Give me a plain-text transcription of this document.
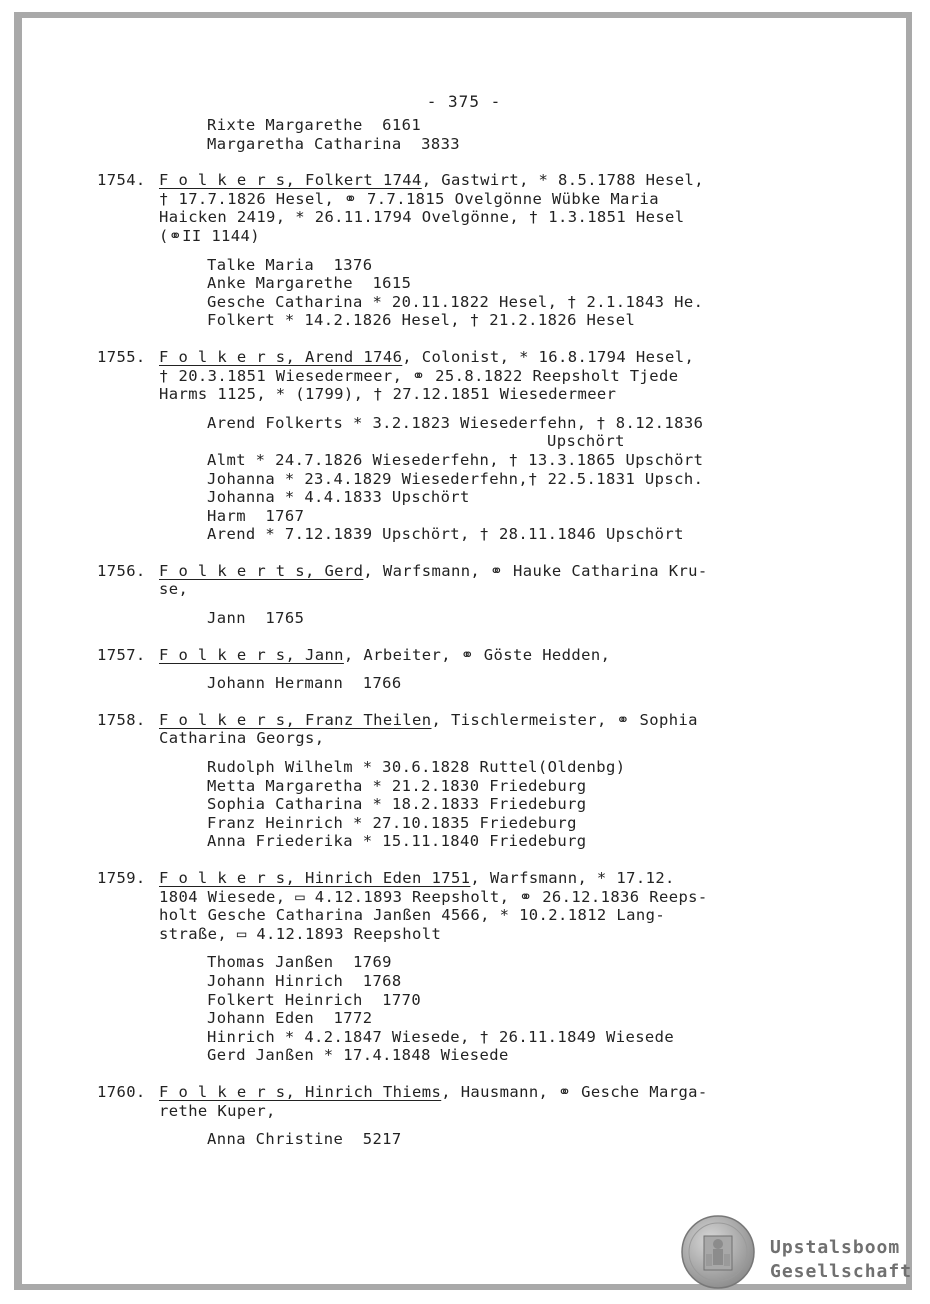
- 375 -
Rixte Margarethe  6161
Margaretha Catharina  3833
1754. F o l k e r s, Folkert 1744, Gastwirt, * 8.5.1788 Hesel,
† 17.7.1826 Hesel, ⚭ 7.7.1815 Ovelgönne Wübke Maria
Haicken 2419, * 26.11.1794 Ovelgönne, † 1.3.1851 Hesel
(⚭II 1144)
Talke Maria  1376
Anke Margarethe  1615
Gesche Catharina * 20.11.1822 Hesel, † 2.1.1843 He.
Folkert * 14.2.1826 Hesel, † 21.2.1826 Hesel
1755. F o l k e r s, Arend 1746, Colonist, * 16.8.1794 Hesel,
† 20.3.1851 Wiesedermeer, ⚭ 25.8.1822 Reepsholt Tjede
Harms 1125, * (1799), † 27.12.1851 Wiesedermeer
Arend Folkerts * 3.2.1823 Wiesederfehn, † 8.12.1836
Upschört
Almt * 24.7.1826 Wiesederfehn, † 13.3.1865 Upschört
Johanna * 23.4.1829 Wiesederfehn,† 22.5.1831 Upsch.
Johanna * 4.4.1833 Upschört
Harm  1767
Arend * 7.12.1839 Upschört, † 28.11.1846 Upschört
1756. F o l k e r t s, Gerd, Warfsmann, ⚭ Hauke Catharina Kru-
se,
Jann  1765
1757. F o l k e r s, Jann, Arbeiter, ⚭ Göste Hedden,
Johann Hermann  1766
1758. F o l k e r s, Franz Theilen, Tischlermeister, ⚭ Sophia
Catharina Georgs,
Rudolph Wilhelm * 30.6.1828 Ruttel(Oldenbg)
Metta Margaretha * 21.2.1830 Friedeburg
Sophia Catharina * 18.2.1833 Friedeburg
Franz Heinrich * 27.10.1835 Friedeburg
Anna Friederika * 15.11.1840 Friedeburg
1759. F o l k e r s, Hinrich Eden 1751, Warfsmann, * 17.12.
1804 Wiesede, ▭ 4.12.1893 Reepsholt, ⚭ 26.12.1836 Reeps-
holt Gesche Catharina Janßen 4566, * 10.2.1812 Lang-
straße, ▭ 4.12.1893 Reepsholt
Thomas Janßen  1769
Johann Hinrich  1768
Folkert Heinrich  1770
Johann Eden  1772
Hinrich * 4.2.1847 Wiesede, † 26.11.1849 Wiesede
Gerd Janßen * 17.4.1848 Wiesede
1760. F o l k e r s, Hinrich Thiems, Hausmann, ⚭ Gesche Marga-
rethe Kuper,
Anna Christine  5217
Upstalsboom
Gesellschaft
